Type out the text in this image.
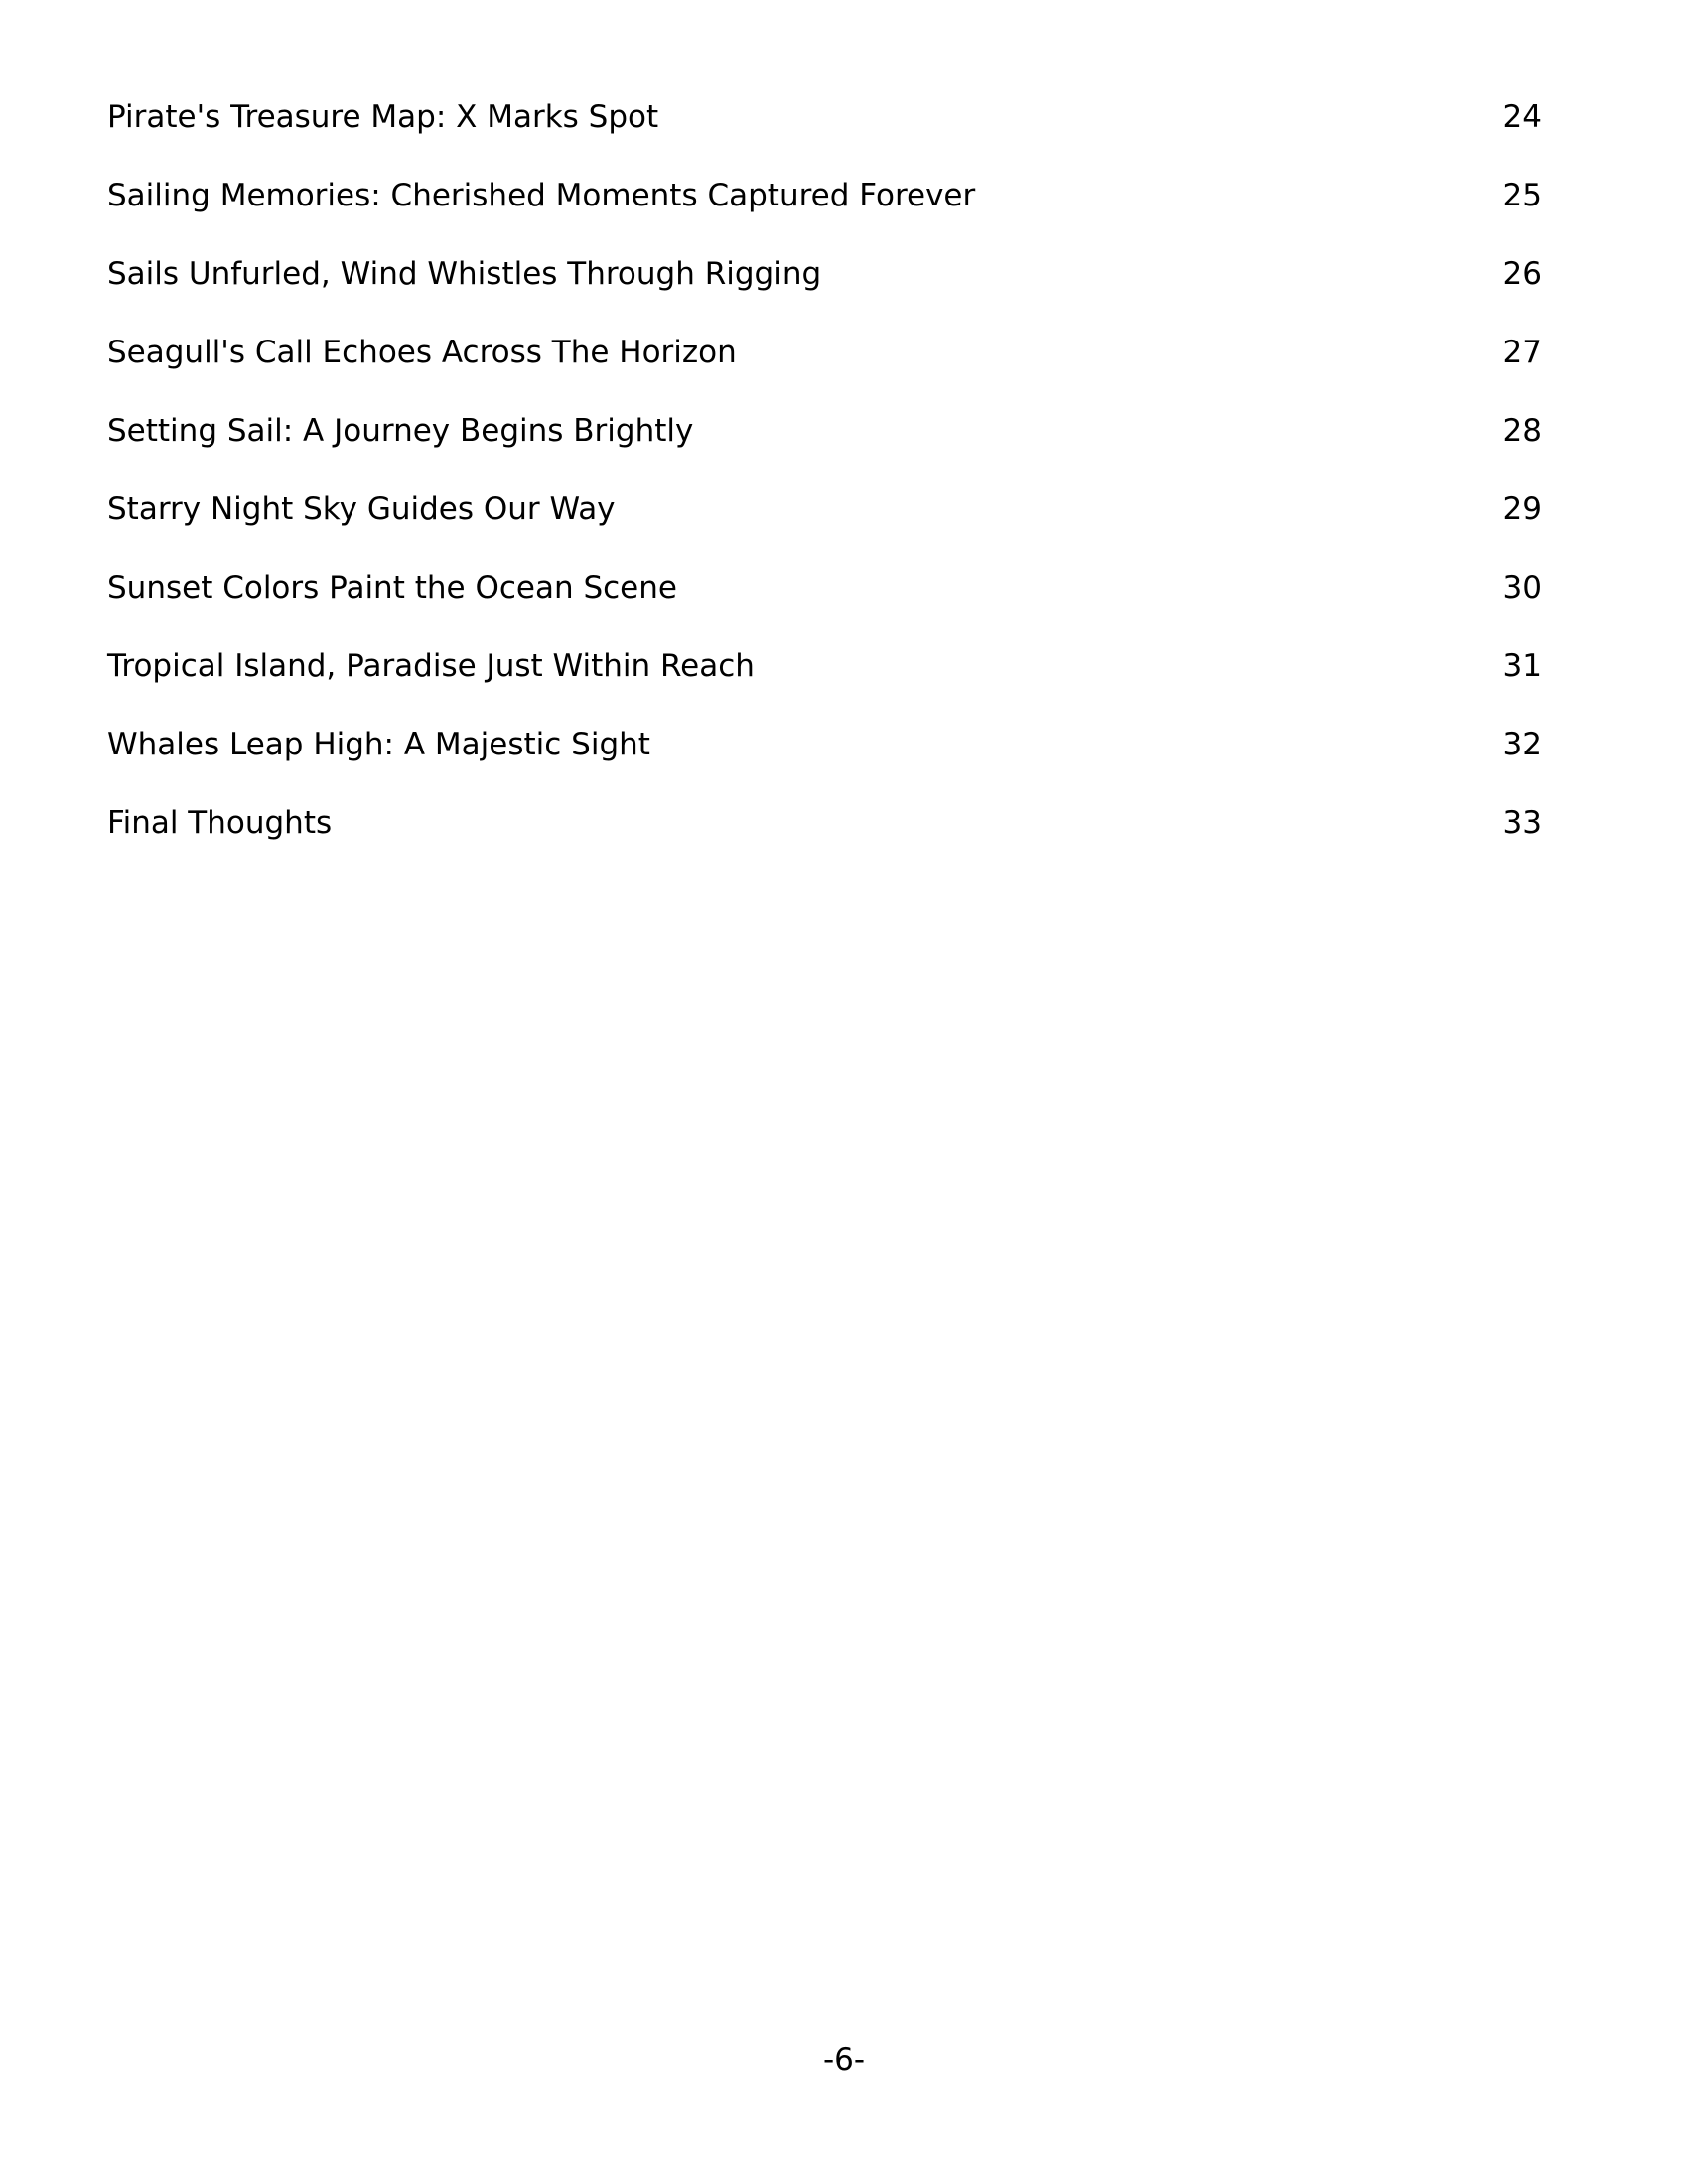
Pirate's Treasure Map: X Marks Spot	24
Sailing Memories: Cherished Moments Captured Forever	25
Sails Unfurled, Wind Whistles Through Rigging	26
Seagull's Call Echoes Across The Horizon	27
Setting Sail: A Journey Begins Brightly	28
Starry Night Sky Guides Our Way	29
Sunset Colors Paint the Ocean Scene	30
Tropical Island, Paradise Just Within Reach	31
Whales Leap High: A Majestic Sight	32
Final Thoughts	33
-6-
